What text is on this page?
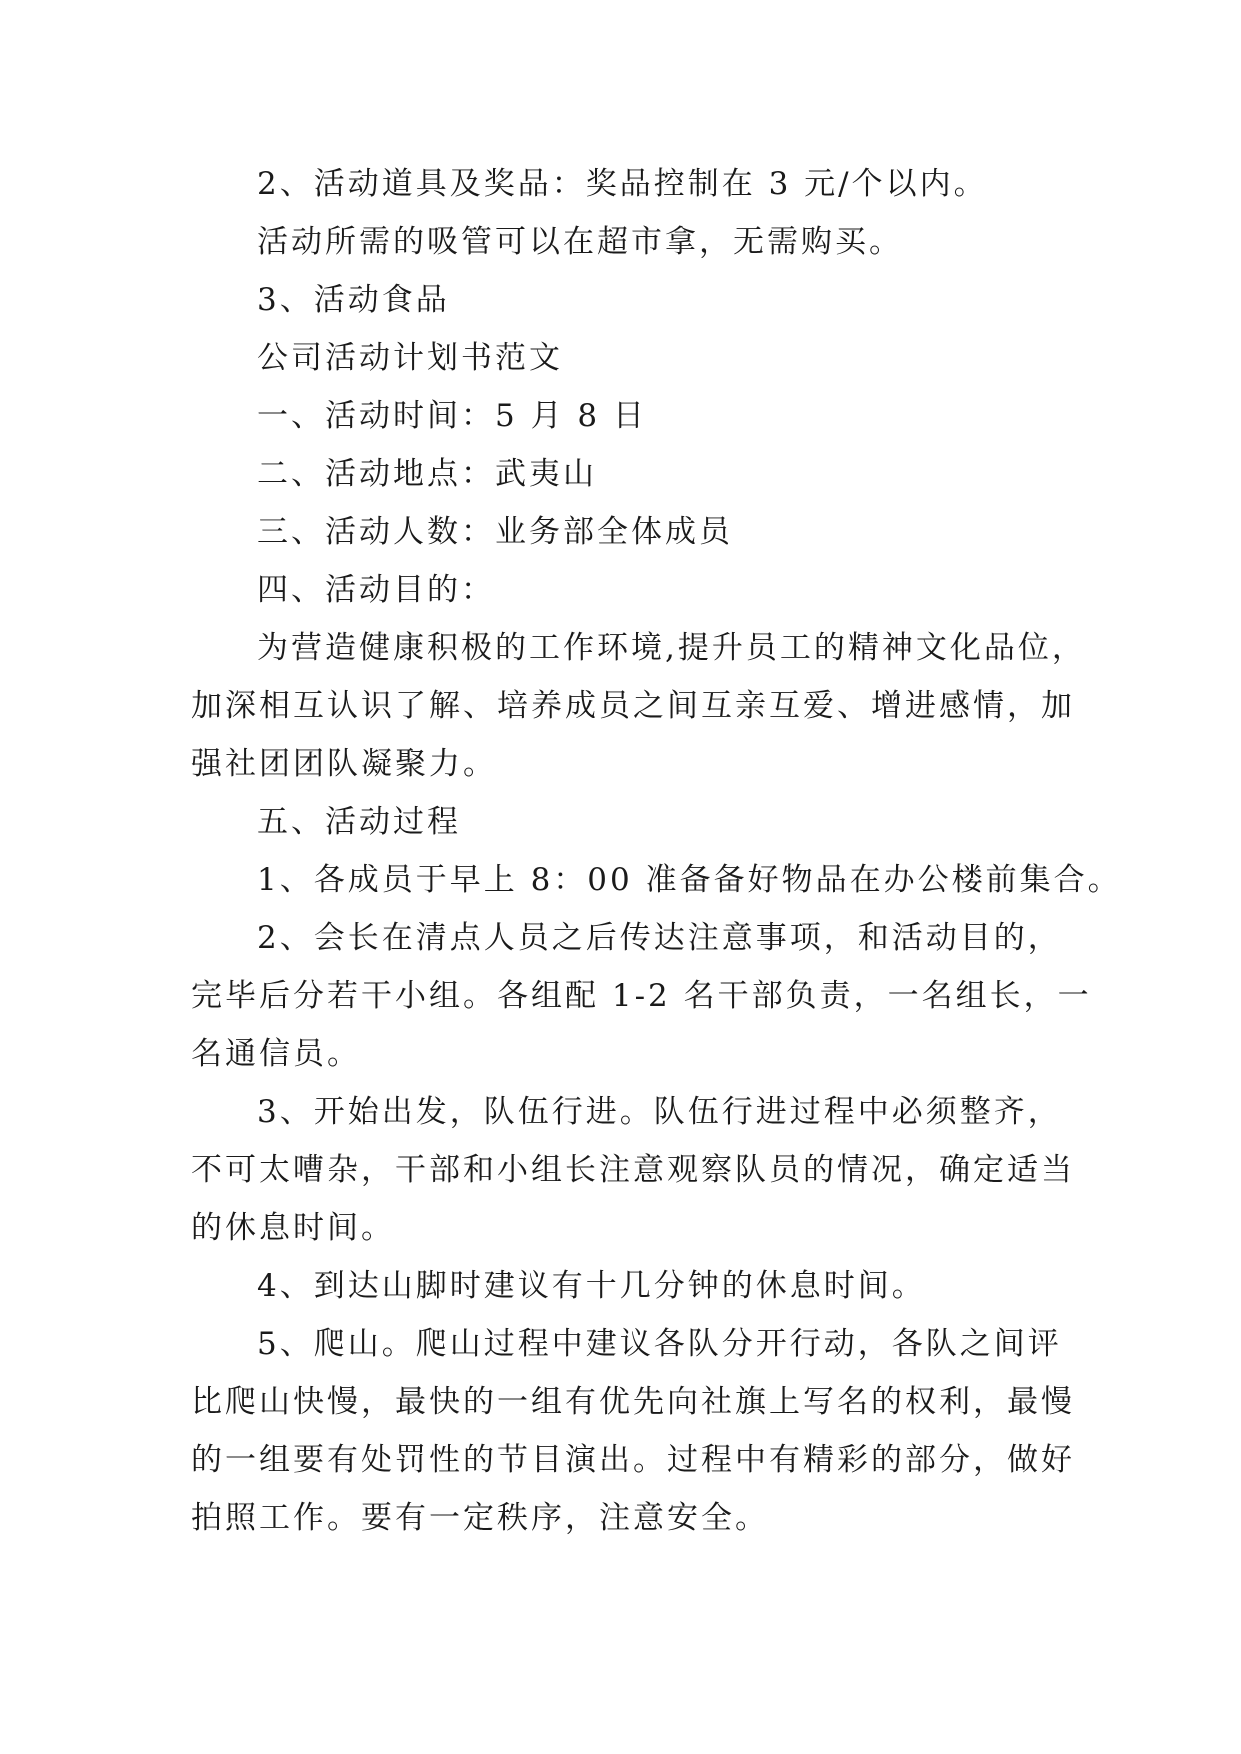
2、活动道具及奖品：奖品控制在 3 元/个以内。
活动所需的吸管可以在超市拿，无需购买。
3、活动食品
公司活动计划书范文
一、活动时间：5 月 8 日
二、活动地点：武夷山
三、活动人数：业务部全体成员
四、活动目的：
为营造健康积极的工作环境,提升员工的精神文化品位，
加深相互认识了解、培养成员之间互亲互爱、增进感情，加
强社团团队凝聚力。
五、活动过程
1、各成员于早上 8：00 准备备好物品在办公楼前集合。
2、会长在清点人员之后传达注意事项，和活动目的，
完毕后分若干小组。各组配 1-2 名干部负责，一名组长，一
名通信员。
3、开始出发，队伍行进。队伍行进过程中必须整齐，
不可太嘈杂，干部和小组长注意观察队员的情况，确定适当
的休息时间。
4、到达山脚时建议有十几分钟的休息时间。
5、爬山。爬山过程中建议各队分开行动，各队之间评
比爬山快慢，最快的一组有优先向社旗上写名的权利，最慢
的一组要有处罚性的节目演出。过程中有精彩的部分，做好
拍照工作。要有一定秩序，注意安全。
